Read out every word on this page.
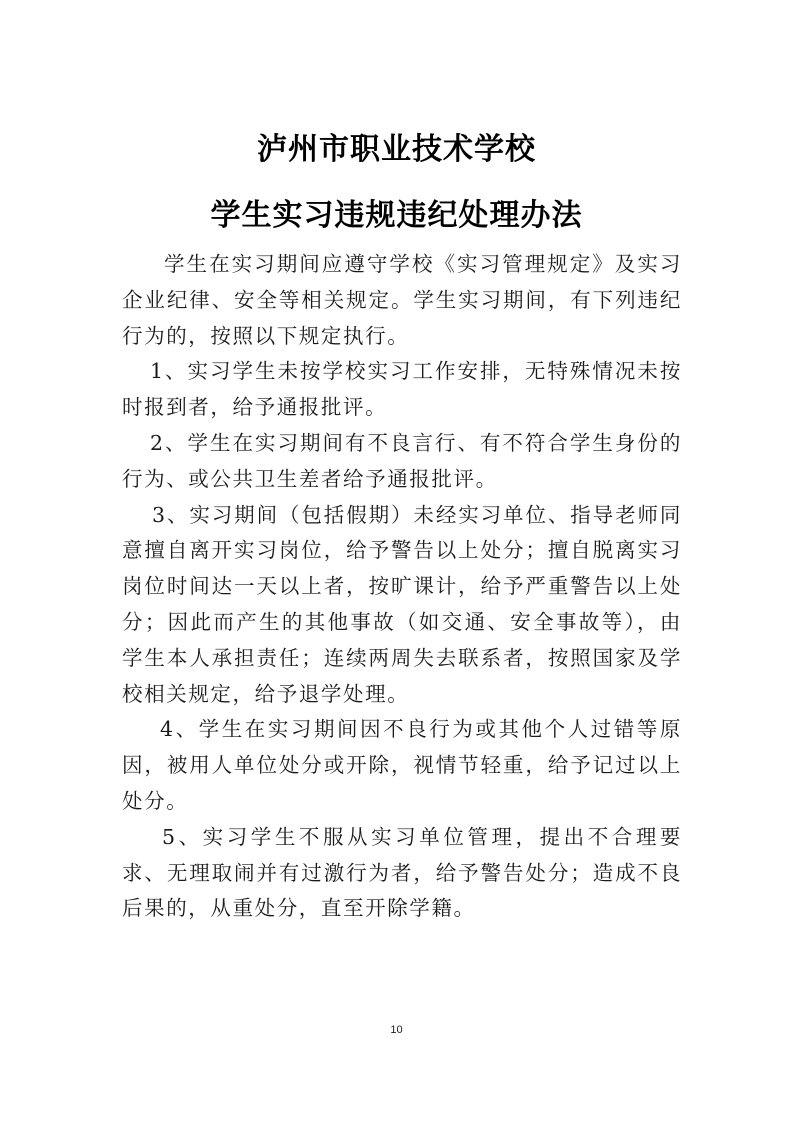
泸州市职业技术学校
学生实习违规违纪处理办法

学生在实习期间应遵守学校《实习管理规定》及实习企业纪律、安全等相关规定。学生实习期间，有下列违纪行为的，按照以下规定执行。

1、实习学生未按学校实习工作安排，无特殊情况未按时报到者，给予通报批评。

2、学生在实习期间有不良言行、有不符合学生身份的行为、或公共卫生差者给予通报批评。

3、实习期间（包括假期）未经实习单位、指导老师同意擅自离开实习岗位，给予警告以上处分；擅自脱离实习岗位时间达一天以上者，按旷课计，给予严重警告以上处分；因此而产生的其他事故（如交通、安全事故等），由学生本人承担责任；连续两周失去联系者，按照国家及学校相关规定，给予退学处理。

4、学生在实习期间因不良行为或其他个人过错等原因，被用人单位处分或开除，视情节轻重，给予记过以上处分。

5、实习学生不服从实习单位管理，提出不合理要求、无理取闹并有过激行为者，给予警告处分；造成不良后果的，从重处分，直至开除学籍。

10
